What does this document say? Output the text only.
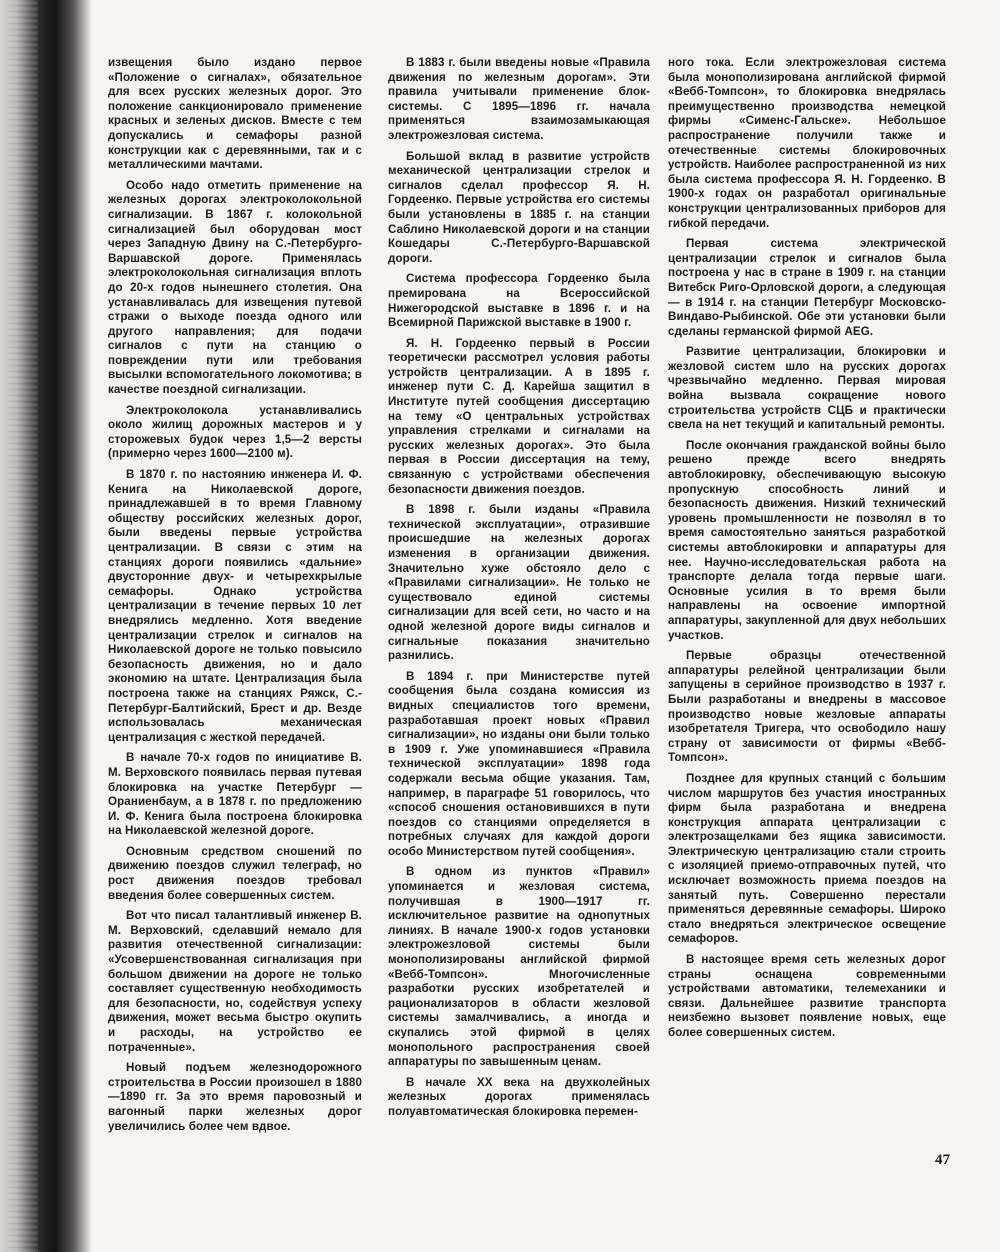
извещения было издано первое «Положение о сигналах», обязательное для всех русских железных дорог. Это положение санкционировало применение красных и зеленых дисков. Вместе с тем допускались и семафоры разной конструкции как с деревянными, так и с металлическими мачтами.

Особо надо отметить применение на железных дорогах электроколокольной сигнализации. В 1867 г. колокольной сигнализацией был оборудован мост через Западную Двину на С.-Петербурго-Варшавской дороге. Применялась электроколокольная сигнализация вплоть до 20-х годов нынешнего столетия. Она устанавливалась для извещения путевой стражи о выходе поезда одного или другого направления; для подачи сигналов с пути на станцию о повреждении пути или требования высылки вспомогательного локомотива; в качестве поездной сигнализации.

Электроколокола устанавливались около жилищ дорожных мастеров и у сторожевых будок через 1,5—2 версты (примерно через 1600—2100 м).

В 1870 г. по настоянию инженера И. Ф. Кенига на Николаевской дороге, принадлежавшей в то время Главному обществу российских железных дорог, были введены первые устройства централизации. В связи с этим на станциях дороги появились «дальние» двусторонние двух- и четырехкрылые семафоры. Однако устройства централизации в течение первых 10 лет внедрялись медленно. Хотя введение централизации стрелок и сигналов на Николаевской дороге не только повысило безопасность движения, но и дало экономию на штате. Централизация была построена также на станциях Ряжск, С.-Петербург-Балтийский, Брест и др. Везде использовалась механическая централизация с жесткой передачей.

В начале 70-х годов по инициативе В. М. Верховского появилась первая путевая блокировка на участке Петербург — Ораниенбаум, а в 1878 г. по предложению И. Ф. Кенига была построена блокировка на Николаевской железной дороге.

Основным средством сношений по движению поездов служил телеграф, но рост движения поездов требовал введения более совершенных систем.

Вот что писал талантливый инженер В. М. Верховский, сделавший немало для развития отечественной сигнализации: «Усовершенствованная сигнализация при большом движении на дороге не только составляет существенную необходимость для безопасности, но, содействуя успеху движения, может весьма быстро окупить и расходы, на устройство ее потраченные».

Новый подъем железнодорожного строительства в России произошел в 1880—1890 гг. За это время паровозный и вагонный парки железных дорог увеличились более чем вдвое.

В 1883 г. были введены новые «Правила движения по железным дорогам». Эти правила учитывали применение блок-системы. С 1895—1896 гг. начала применяться взаимозамыкающая электрожезловая система.

Большой вклад в развитие устройств механической централизации стрелок и сигналов сделал профессор Я. Н. Гордеенко. Первые устройства его системы были установлены в 1885 г. на станции Саблино Николаевской дороги и на станции Кошедары С.-Петербурго-Варшавской дороги.

Система профессора Гордеенко была премирована на Всероссийской Нижегородской выставке в 1896 г. и на Всемирной Парижской выставке в 1900 г.

Я. Н. Гордеенко первый в России теоретически рассмотрел условия работы устройств централизации. А в 1895 г. инженер пути С. Д. Карейша защитил в Институте путей сообщения диссертацию на тему «О центральных устройствах управления стрелками и сигналами на русских железных дорогах». Это была первая в России диссертация на тему, связанную с устройствами обеспечения безопасности движения поездов.

В 1898 г. были изданы «Правила технической эксплуатации», отразившие происшедшие на железных дорогах изменения в организации движения. Значительно хуже обстояло дело с «Правилами сигнализации». Не только не существовало единой системы сигнализации для всей сети, но часто и на одной железной дороге виды сигналов и сигнальные показания значительно разнились.

В 1894 г. при Министерстве путей сообщения была создана комиссия из видных специалистов того времени, разработавшая проект новых «Правил сигнализации», но изданы они были только в 1909 г. Уже упоминавшиеся «Правила технической эксплуатации» 1898 года содержали весьма общие указания. Там, например, в параграфе 51 говорилось, что «способ сношения остановившихся в пути поездов со станциями определяется в потребных случаях для каждой дороги особо Министерством путей сообщения».

В одном из пунктов «Правил» упоминается и жезловая система, получившая в 1900—1917 гг. исключительное развитие на однопутных линиях. В начале 1900-х годов установки электрожезловой системы были монополизированы английской фирмой «Вебб-Томпсон». Многочисленные разработки русских изобретателей и рационализаторов в области жезловой системы замалчивались, а иногда и скупались этой фирмой в целях монопольного распространения своей аппаратуры по завышенным ценам.

В начале XX века на двухколейных железных дорогах применялась полуавтоматическая блокировка перемен-

ного тока. Если электрожезловая система была монополизирована английской фирмой «Вебб-Томпсон», то блокировка внедрялась преимущественно производства немецкой фирмы «Сименс-Гальске». Небольшое распространение получили также и отечественные системы блокировочных устройств. Наиболее распространенной из них была система профессора Я. Н. Гордеенко. В 1900-х годах он разработал оригинальные конструкции централизованных приборов для гибкой передачи.

Первая система электрической централизации стрелок и сигналов была построена у нас в стране в 1909 г. на станции Витебск Риго-Орловской дороги, а следующая — в 1914 г. на станции Петербург Московско-Виндаво-Рыбинской. Обе эти установки были сделаны германской фирмой AEG.

Развитие централизации, блокировки и жезловой систем шло на русских дорогах чрезвычайно медленно. Первая мировая война вызвала сокращение нового строительства устройств СЦБ и практически свела на нет текущий и капитальный ремонты.

После окончания гражданской войны было решено прежде всего внедрять автоблокировку, обеспечивающую высокую пропускную способность линий и безопасность движения. Низкий технический уровень промышленности не позволял в то время самостоятельно заняться разработкой системы автоблокировки и аппаратуры для нее. Научно-исследовательская работа на транспорте делала тогда первые шаги. Основные усилия в то время были направлены на освоение импортной аппаратуры, закупленной для двух небольших участков.

Первые образцы отечественной аппаратуры релейной централизации были запущены в серийное производство в 1937 г. Были разработаны и внедрены в массовое производство новые жезловые аппараты изобретателя Тригера, что освободило нашу страну от зависимости от фирмы «Вебб-Томпсон».

Позднее для крупных станций с большим числом маршрутов без участия иностранных фирм была разработана и внедрена конструкция аппарата централизации с электрозащелками без ящика зависимости. Электрическую централизацию стали строить с изоляцией приемо-отправочных путей, что исключает возможность приема поездов на занятый путь. Совершенно перестали применяться деревянные семафоры. Широко стало внедряться электрическое освещение семафоров.

В настоящее время сеть железных дорог страны оснащена современными устройствами автоматики, телемеханики и связи. Дальнейшее развитие транспорта неизбежно вызовет появление новых, еще более совершенных систем.

47
